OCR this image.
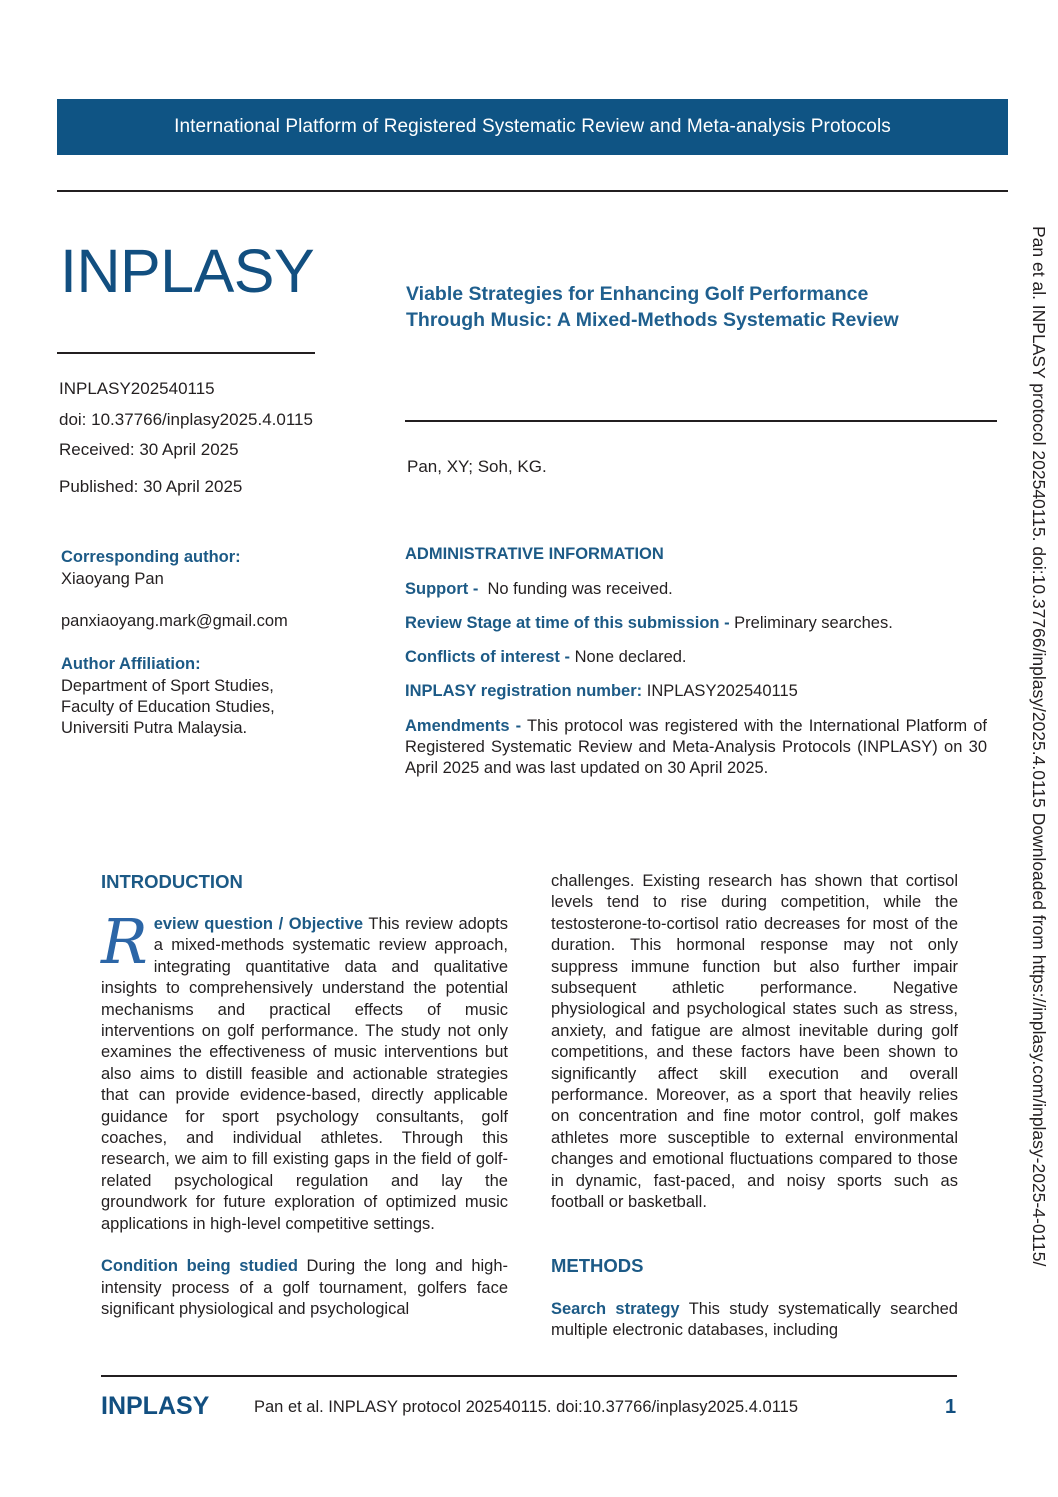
International Platform of Registered Systematic Review and Meta-analysis Protocols
INPLASY	Viable Strategies for Enhancing Golf Performance
Through Music: A Mixed-Methods Systematic Review
INPLASY202540115
doi: 10.37766/inplasy2025.4.0115
Received: 30 April 2025
Published: 30 April 2025
Pan, XY; Soh, KG.
Corresponding author:
Xiaoyang Pan
panxiaoyang.mark@gmail.com
Author Affiliation:
Department of Sport Studies,
Faculty of Education Studies,
Universiti Putra Malaysia.
ADMINISTRATIVE INFORMATION
Support - No funding was received.
Review Stage at time of this submission - Preliminary searches.
Conflicts of interest - None declared.
INPLASY registration number: INPLASY202540115
Amendments - This protocol was registered with the International Platform of Registered Systematic Review and Meta-Analysis Protocols (INPLASY) on 30 April 2025 and was last updated on 30 April 2025.
INTRODUCTION

R eview question / Objective This review adopts a mixed-methods systematic review approach, integrating quantitative data and qualitative insights to comprehensively understand the potential mechanisms and practical effects of music interventions on golf performance. The study not only examines the effectiveness of music interventions but also aims to distill feasible and actionable strategies that can provide evidence-based, directly applicable guidance for sport psychology consultants, golf coaches, and individual athletes. Through this research, we aim to fill existing gaps in the field of golf-related psychological regulation and lay the groundwork for future exploration of optimized music applications in high-level competitive settings.

Condition being studied During the long and high-intensity process of a golf tournament, golfers face significant physiological and psychological

challenges. Existing research has shown that cortisol levels tend to rise during competition, while the testosterone-to-cortisol ratio decreases for most of the duration. This hormonal response may not only suppress immune function but also further impair subsequent athletic performance. Negative physiological and psychological states such as stress, anxiety, and fatigue are almost inevitable during golf competitions, and these factors have been shown to significantly affect skill execution and overall performance. Moreover, as a sport that heavily relies on concentration and fine motor control, golf makes athletes more susceptible to external environmental changes and emotional fluctuations compared to those in dynamic, fast-paced, and noisy sports such as football or basketball.

METHODS

Search strategy This study systematically searched multiple electronic databases, including

INPLASY	Pan et al. INPLASY protocol 202540115. doi:10.37766/inplasy2025.4.0115	1
Pan et al. INPLASY protocol 202540115. doi:10.37766/inplasy/2025.4.0115 Downloaded from https://inplasy.com/inplasy-2025-4-0115/
